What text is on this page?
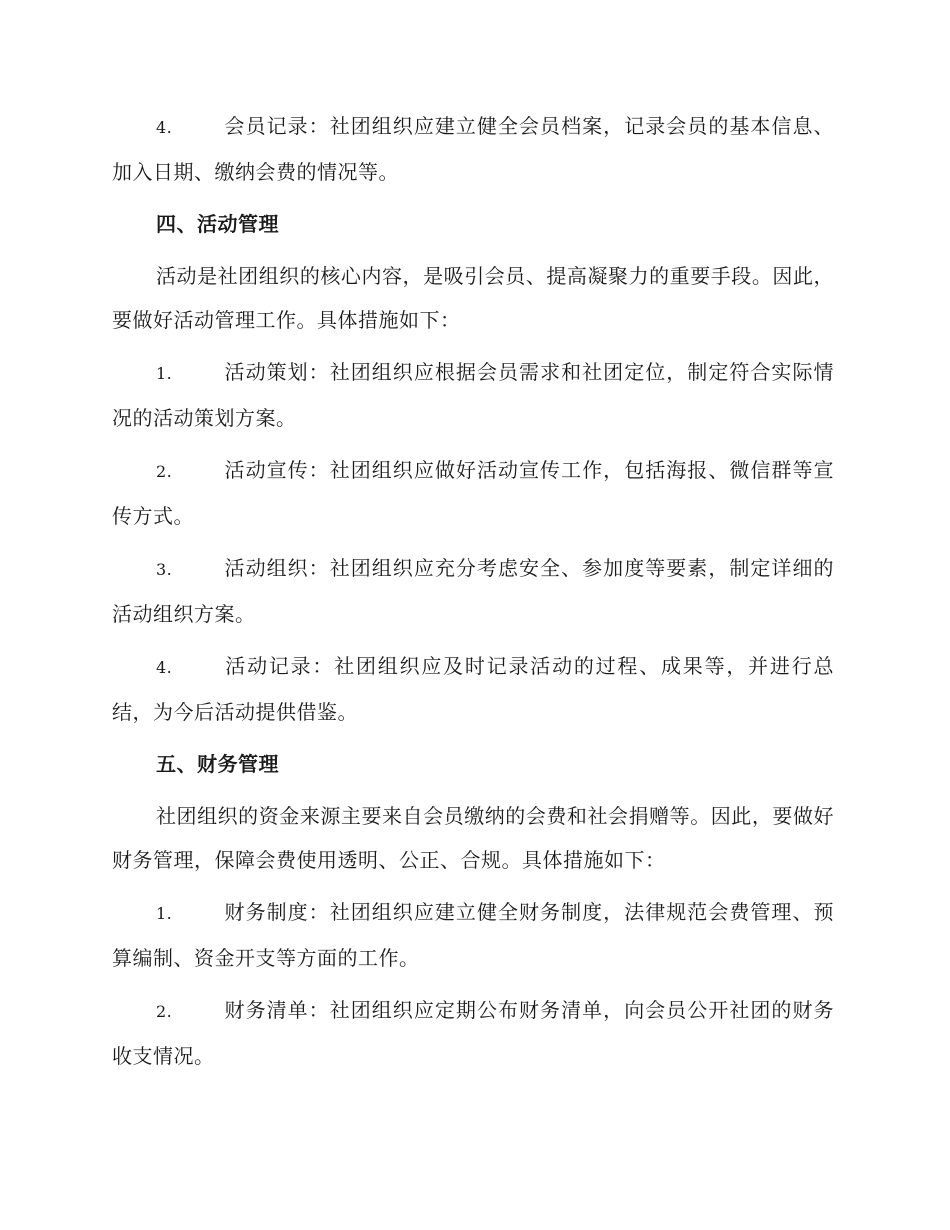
4.	会员记录：社团组织应建立健全会员档案，记录会员的基本信息、加入日期、缴纳会费的情况等。

四、活动管理

活动是社团组织的核心内容，是吸引会员、提高凝聚力的重要手段。因此，要做好活动管理工作。具体措施如下：

1.	活动策划：社团组织应根据会员需求和社团定位，制定符合实际情况的活动策划方案。

2.	活动宣传：社团组织应做好活动宣传工作，包括海报、微信群等宣传方式。

3.	活动组织：社团组织应充分考虑安全、参加度等要素，制定详细的活动组织方案。

4.	活动记录：社团组织应及时记录活动的过程、成果等，并进行总结，为今后活动提供借鉴。

五、财务管理

社团组织的资金来源主要来自会员缴纳的会费和社会捐赠等。因此，要做好财务管理，保障会费使用透明、公正、合规。具体措施如下：

1.	财务制度：社团组织应建立健全财务制度，法律规范会费管理、预算编制、资金开支等方面的工作。

2.	财务清单：社团组织应定期公布财务清单，向会员公开社团的财务收支情况。
